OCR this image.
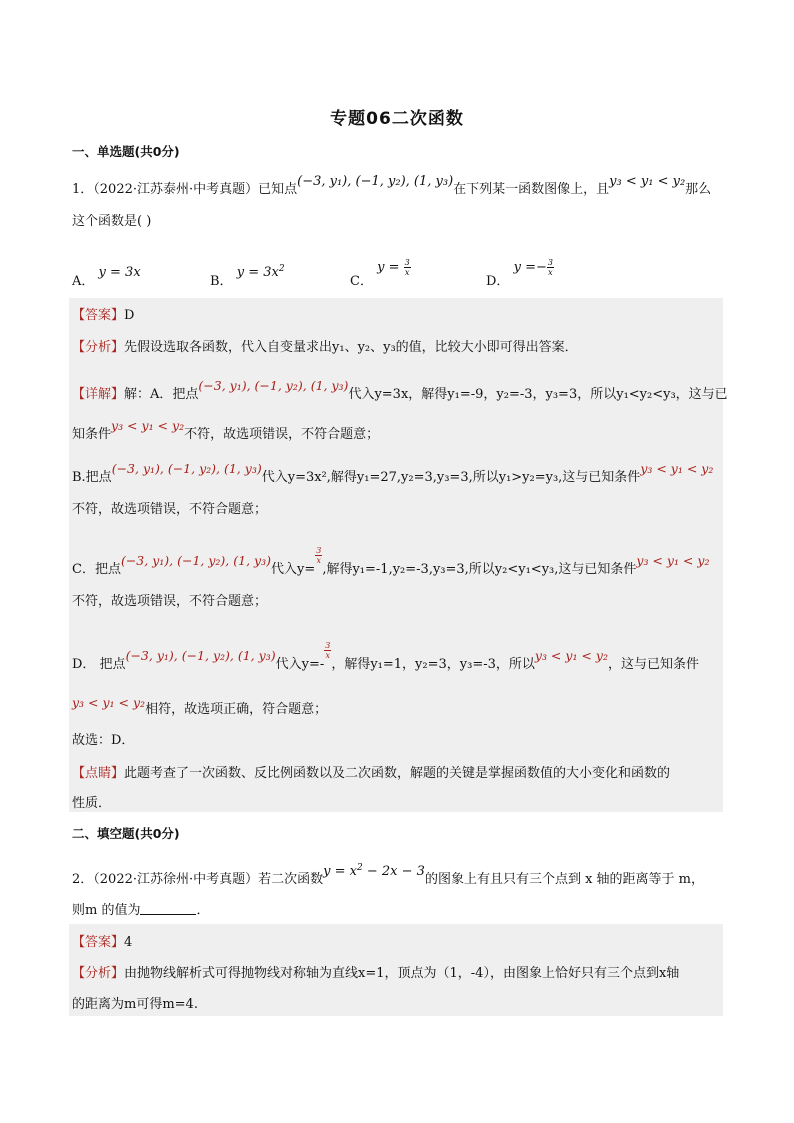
专题06二次函数
一、单选题(共0分)
1．（2022·江苏泰州·中考真题）已知点(−3, y₁), (−1, y₂), (1, y₃)在下列某一函数图像上，且y₃ < y₁ < y₂那么
这个函数是( )
A． y = 3x
B． $y = 3x^2$
C． $y = \frac{3}{x}$
D． $y =- \frac{3}{x}$
【答案】D
【分析】先假设选取各函数，代入自变量求出y₁、y₂、y₃的值，比较大小即可得出答案．
【详解】解：A．把点(−3, y₁), (−1, y₂), (1, y₃)代入y=3x，解得y₁=-9，y₂=-3，y₃=3，所以y₁<y₂<y₃，这与已
知条件y₃ < y₁ < y₂不符，故选项错误，不符合题意；
B.把点(−3, y₁), (−1, y₂), (1, y₃)代入y=3x²,解得y₁=27,y₂=3,y₃=3,所以y₁>y₂=y₃,这与已知条件y₃ < y₁ < y₂
不符，故选项错误，不符合题意；
C．把点(−3, y₁), (−1, y₂), (1, y₃)代入y=
$\frac{3}{x}$
,解得y₁=-1,y₂=-3,y₃=3,所以y₂<y₁<y₃,这与已知条件y₃ < y₁ < y₂
不符，故选项错误，不符合题意；
D． 把点(−3, y₁), (−1, y₂), (1, y₃)代入y=-
$\frac{3}{x}$
，解得y₁=1，y₂=3，y₃=-3，所以y₃ < y₁ < y₂，这与已知条件
y₃ < y₁ < y₂相符，故选项正确，符合题意；
故选：D．
【点睛】此题考查了一次函数、反比例函数以及二次函数，解题的关键是掌握函数值的大小变化和函数的
性质．
二、填空题(共0分)
2．（2022·江苏徐州·中考真题）若二次函数$y = x^2 - 2x - 3$的图象上有且只有三个点到 x 轴的距离等于 m，
则m 的值为	．
【答案】4
【分析】由抛物线解析式可得抛物线对称轴为直线x=1，顶点为（1，-4），由图象上恰好只有三个点到x轴
的距离为m可得m=4.
